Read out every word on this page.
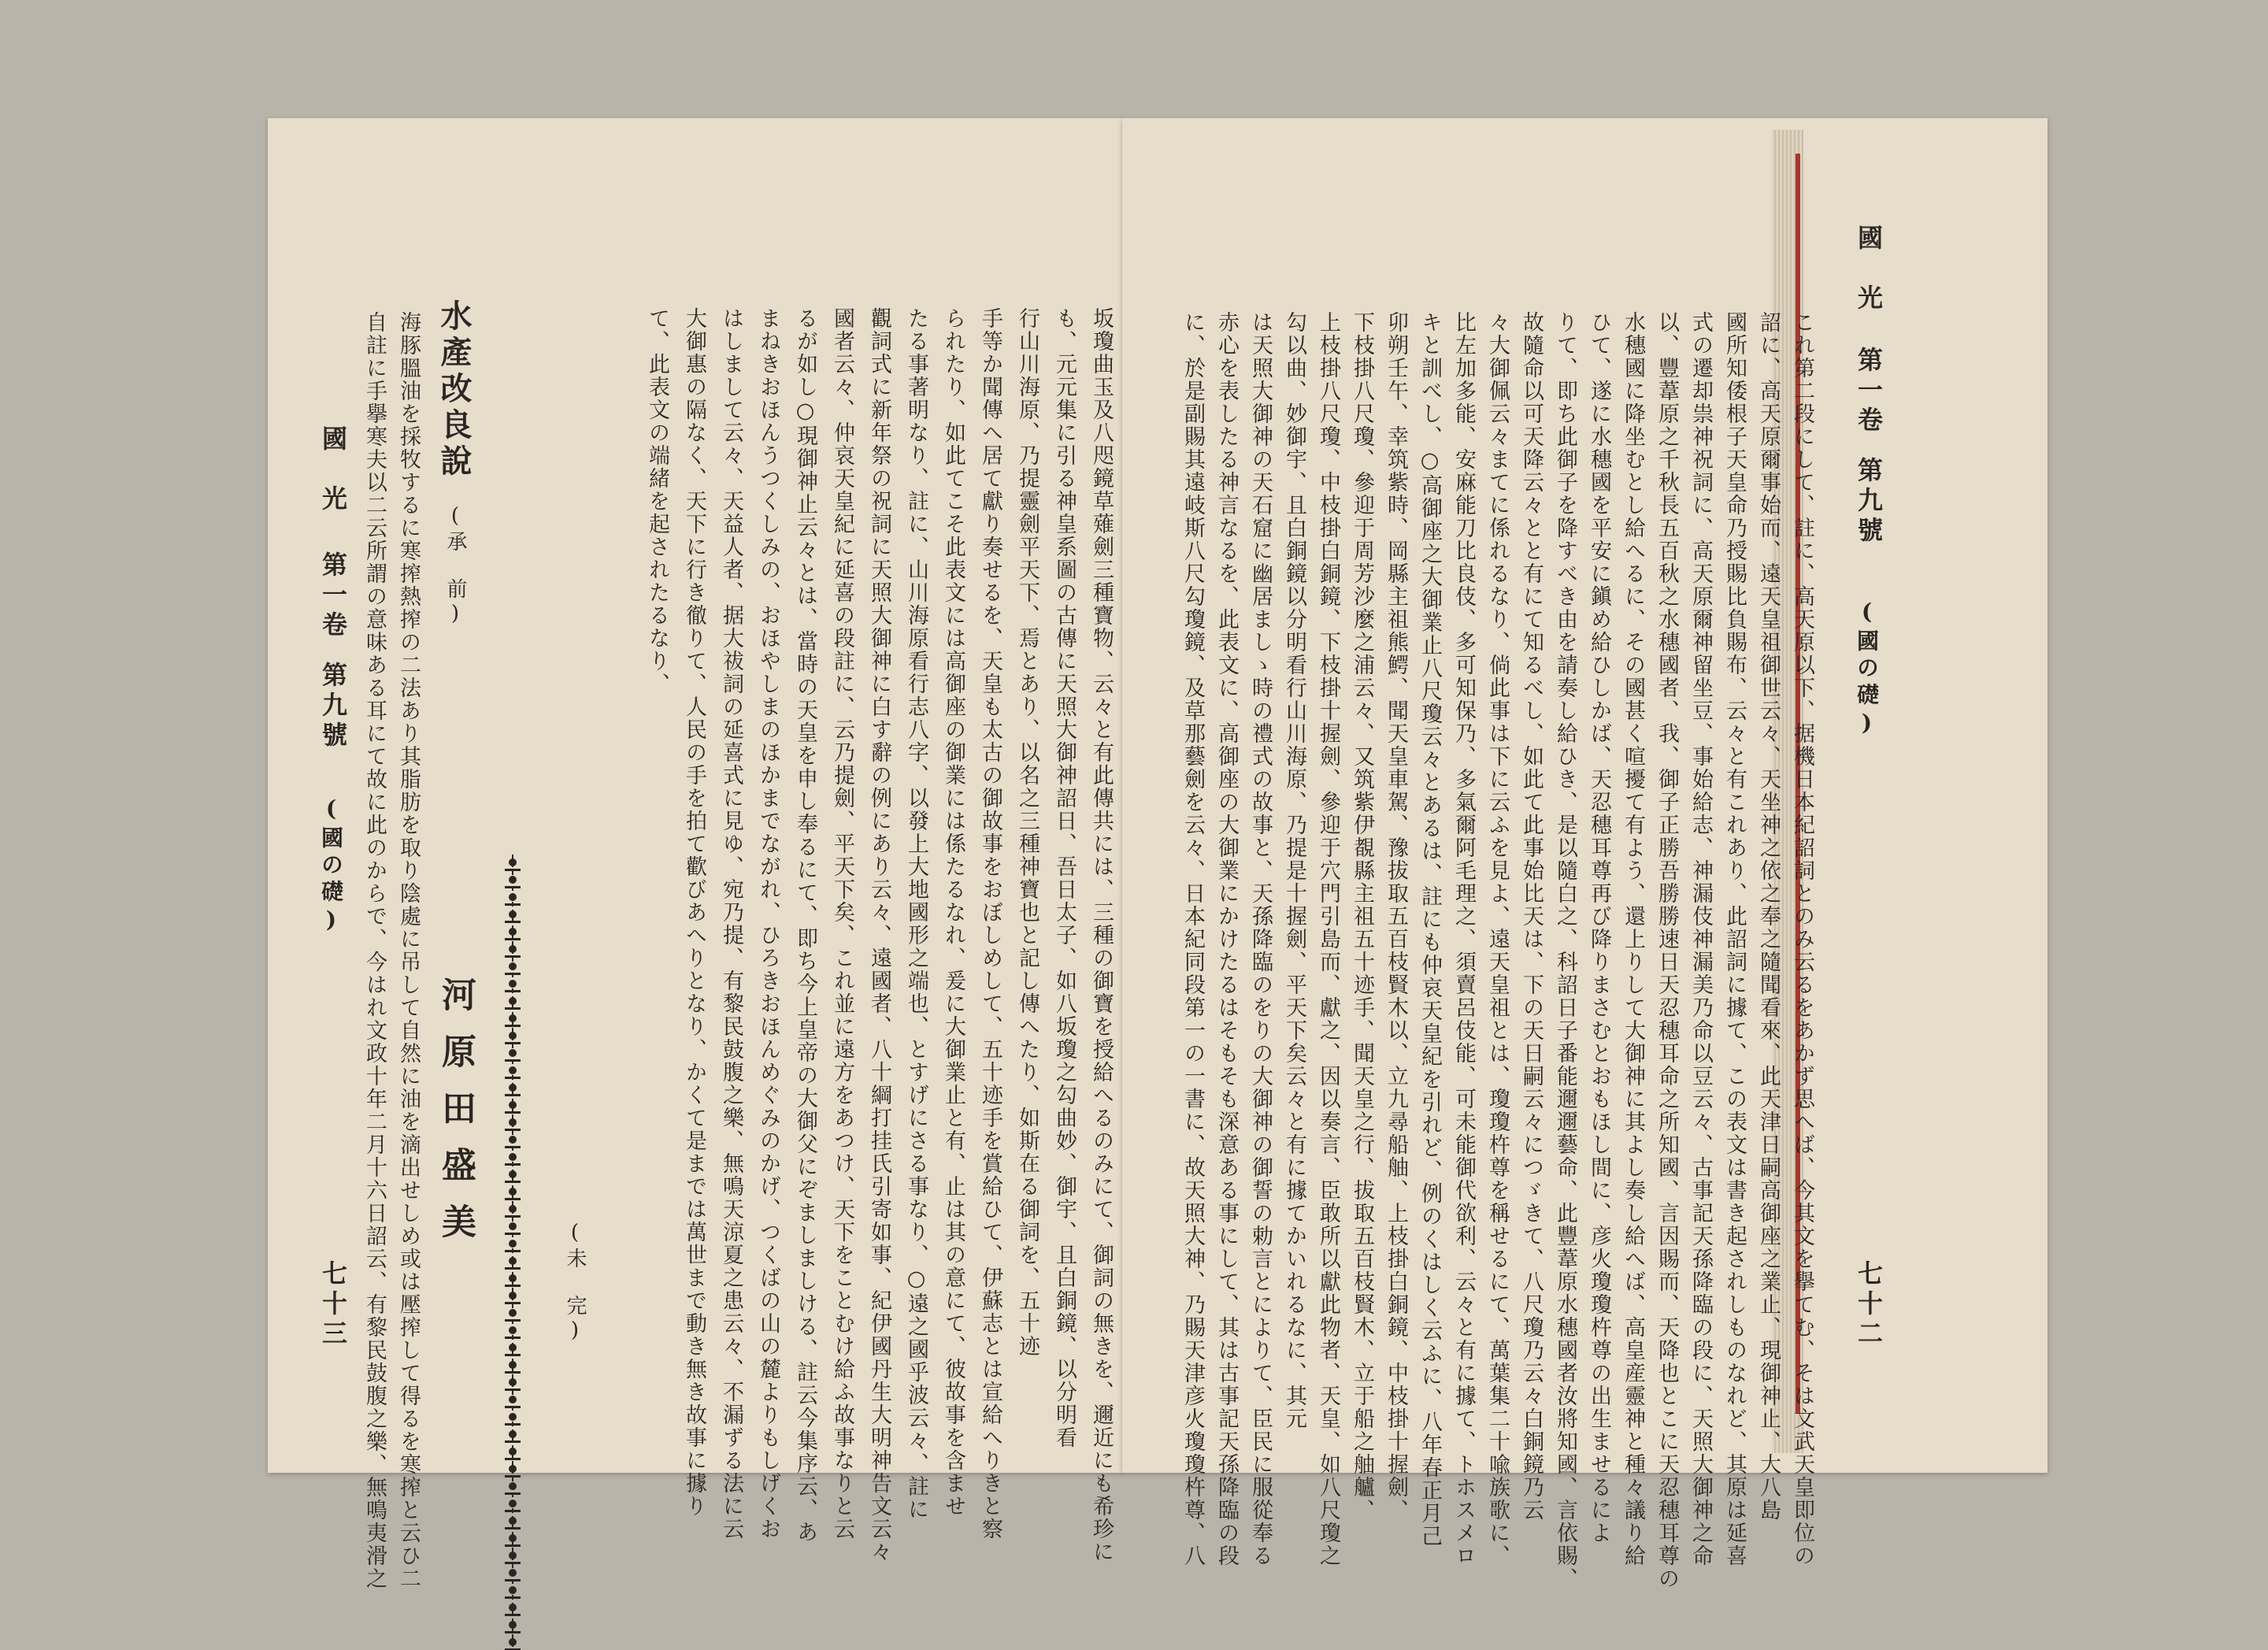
國　光
第一卷
第九號
(國の礎)
七十二
これ第二段にして、註に、高天原以下、据機日本紀詔詞とのみ云るをあかず思へば、今其文を擧てむ、そは文武天皇即位の
詔に、高天原爾事始而、遠天皇祖御世云々、天坐神之依之奉之隨聞看來、此天津日嗣高御座之業止、現御神止、大八島
國所知倭根子天皇命乃授賜比負賜布、云々と有これあり、此詔詞に據て、この表文は書き起されしものなれど、其原は延喜
式の遷却祟神祝詞に、高天原爾神留坐豆、事始給志、神漏伎神漏美乃命以豆云々、古事記天孫降臨の段に、天照大御神之命
以、豐葦原之千秋長五百秋之水穗國者、我、御子正勝吾勝勝速日天忍穗耳命之所知國、言因賜而、天降也とこに天忍穗耳尊の
水穗國に降坐むとし給へるに、その國甚く喧擾て有よう、還上りして大御神に其よし奏し給へば、高皇産靈神と種々議り給
ひて、遂に水穗國を平安に鎭め給ひしかば、天忍穗耳尊再び降りまさむとおもほし間に、彦火瓊瓊杵尊の出生ませるによ
りて、即ち此御子を降すべき由を請奏し給ひき、是以隨白之、科詔日子番能邇邇藝命、此豐葦原水穗國者汝將知國、言依賜、
故隨命以可天降云々とと有にて知るべし、如此て此事始比天は、下の天日嗣云々につゞきて、八尺瓊乃云々白銅鏡乃云
々大御佩云々まてに係れるなり、倘此事は下に云ふを見よ、遠天皇祖とは、瓊瓊杵尊を稱せるにて、萬葉集二十喩族歌に、
比左加多能、安麻能刀比良伎、多可知保乃、多氣爾阿毛理之、須賣呂伎能、可未能御代欲利、云々と有に據て、トホスメロ
キと訓べし、○高御座之大御業止八尺瓊云々とあるは、註にも仲哀天皇紀を引れど、例のくはしく云ふに、八年春正月己
卯朔壬午、幸筑紫時、岡縣主祖熊鰐、聞天皇車駕、豫拔取五百枝賢木以、立九尋船舳、上枝掛白銅鏡、中枝掛十握劍、
下枝掛八尺瓊、參迎于周芳沙麼之浦云々、又筑紫伊覩縣主祖五十迹手、聞天皇之行、拔取五百枝賢木、立于船之舳艫、
上枝掛八尺瓊、中枝掛白銅鏡、下枝掛十握劍、參迎于穴門引島而、獻之、因以奏言、臣敢所以獻此物者、天皇、如八尺瓊之
勾以曲、妙御宇、且白銅鏡以分明看行山川海原、乃提是十握劍、平天下矣云々と有に據てかいれるなに、其元
は天照大御神の天石窟に幽居ましゝ時の禮式の故事と、天孫降臨のをりの大御神の御誓の勅言とによりて、臣民に服從奉る
赤心を表したる神言なるを、此表文に、高御座の大御業にかけたるはそもそも深意ある事にして、其は古事記天孫降臨の段
に、於是副賜其遠岐斯八尺勾瓊鏡、及草那藝劍を云々、日本紀同段第一の一書に、故天照大神、乃賜天津彦火瓊瓊杵尊、八
國　光
第一卷
第九號
(國の礎)
七十三	坂瓊曲玉及八咫鏡草薙劍三種寶物、云々と有此傳共には、三種の御寶を授給へるのみにて、御詞の無きを、邇近にも希珍に
も、元元集に引る神皇系圖の古傳に天照大御神詔日、吾日太子、如八坂瓊之勾曲妙、御宇、且白銅鏡、以分明看
行山川海原、乃提靈劍平天下、焉とあり、以名之三種神寶也と記し傳へたり、如斯在る御詞を、五十迹
手等か聞傳へ居て獻り奏せるを、天皇も太古の御故事をおぼしめして、五十迹手を賞給ひて、伊蘇志とは宣給へりきと察
られたり、如此てこそ此表文には高御座の御業には係たるなれ、爰に大御業止と有、止は其の意にて、彼故事を含ませ
たる事著明なり、註に、山川海原看行志八字、以發上大地國形之端也、とすげにさる事なり、○遠之國乎波云々、註に
觀詞式に新年祭の祝詞に天照大御神に白す辭の例にあり云々、遠國者、八十綱打挂氏引寄如事、紀伊國丹生大明神告文云々
國者云々、仲哀天皇紀に延喜の段註に、云乃提劍、平天下矣、これ並に遠方をあつけ、天下をことむけ給ふ故事なりと云
るが如し○現御神止云々とは、當時の天皇を申し奉るにて、即ち今上皇帝の大御父にぞましましける、註云今集序云、あ
まねきおほんうつくしみの、おほやしまのほかまでながれ、ひろきおほんめぐみのかげ、つくばの山の麓よりもしげくお
はしまして云々、天益人者、据大祓詞の延喜式に見ゆ、宛乃提、有黎民鼓腹之樂、無鳴天涼夏之患云々、不漏ずる法に云
大御惠の隔なく、天下に行き徹りて、人民の手を拍て歡びあへりとなり、かくて是までは萬世まで動き無き故事に據り
て、此表文の端緒を起されたるなり、
(未　完)
水產改良說
(承　前)
河原田盛美
海豚膃油を採牧するに寒搾熱搾の二法あり其脂肪を取り陰處に吊して自然に油を滴出せしめ或は壓搾して得るを寒搾と云ひ二
自註に手擧寒夫以二云所謂の意味ある耳にて故に此のからで、今はれ文政十年二月十六日詔云、有黎民鼓腹之樂、無鳴夷滑之
